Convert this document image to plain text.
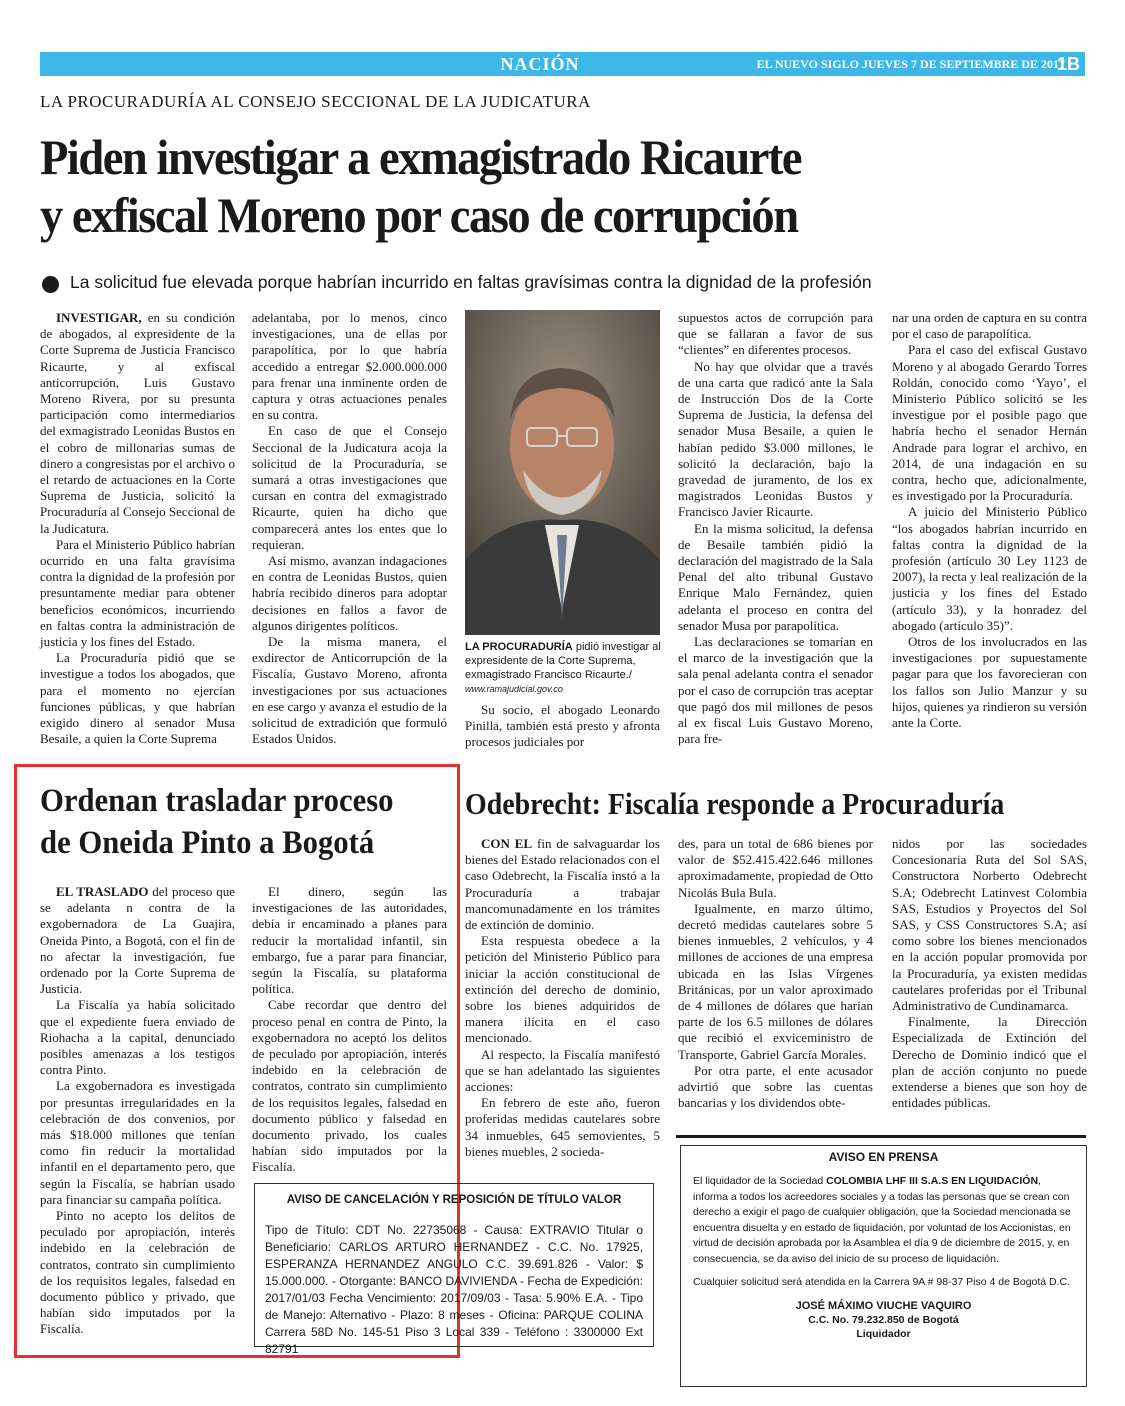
NACIÓN	EL NUEVO SIGLO JUEVES 7 DE SEPTIEMBRE DE 2017
1B
LA PROCURADURÍA AL CONSEJO SECCIONAL DE LA JUDICATURA
Piden investigar a exmagistrado Ricaurte
y exfiscal Moreno por caso de corrupción
La solicitud fue elevada porque habrían incurrido en faltas gravísimas contra la dignidad de la profesión

INVESTIGAR, en su condición de abogados, al expresidente de la Corte Suprema de Justicia Francisco Ricaurte, y al exfiscal anticorrupción, Luis Gustavo Moreno Rivera, por su presunta participación como intermediarios del exmagistrado Leonidas Bustos en el cobro de millonarias sumas de dinero a congresistas por el archivo o el retardo de actuaciones en la Corte Suprema de Justicia, solicitó la Procuraduría al Consejo Seccional de la Judicatura.

Para el Ministerio Público habrían ocurrido en una falta gravísima contra la dignidad de la profesión por presuntamente mediar para obtener beneficios económicos, incurriendo en faltas contra la administración de justicia y los fines del Estado.

La Procuraduría pidió que se investigue a todos los abogados, que para el momento no ejercían funciones públicas, y que habrían exigido dinero al senador Musa Besaile, a quien la Corte Suprema

adelantaba, por lo menos, cinco investigaciones, una de ellas por parapolítica, por lo que habría accedido a entregar $2.000.000.000 para frenar una inminente orden de captura y otras actuaciones penales en su contra.

En caso de que el Consejo Seccional de la Judicatura acoja la solicitud de la Procuraduría, se sumará a otras investigaciones que cursan en contra del exmagistrado Ricaurte, quien ha dicho que comparecerá antes los entes que lo requieran.

Así mismo, avanzan indagaciones en contra de Leonidas Bustos, quien habría recibido dineros para adoptar decisiones en fallos a favor de algunos dirigentes políticos.

De la misma manera, el exdirector de Anticorrupción de la Fiscalía, Gustavo Moreno, afronta investigaciones por sus actuaciones en ese cargo y avanza el estudio de la solicitud de extradición que formuló Estados Unidos.

LA PROCURADURÍA pidió investigar al expresidente de la Corte Suprema, exmagistrado Francisco Ricaurte./
www.ramajudicial.gov.co

Su socio, el abogado Leonardo Pinilla, también está presto y afronta procesos judiciales por

supuestos actos de corrupción para que se fallaran a favor de sus “clientes” en diferentes procesos.

No hay que olvidar que a través de una carta que radicó ante la Sala de Instrucción Dos de la Corte Suprema de Justicia, la defensa del senador Musa Besaile, a quien le habían pedido $3.000 millones, le solicitó la declaración, bajo la gravedad de juramento, de los ex magistrados Leonidas Bustos y Francisco Javier Ricaurte.

En la misma solicitud, la defensa de Besaile también pidió la declaración del magistrado de la Sala Penal del alto tribunal Gustavo Enrique Malo Fernández, quien adelanta el proceso en contra del senador Musa por parapolítica.

Las declaraciones se tomarían en el marco de la investigación que la sala penal adelanta contra el senador por el caso de corrupción tras aceptar que pagó dos mil millones de pesos al ex fiscal Luis Gustavo Moreno, para fre-

nar una orden de captura en su contra por el caso de parapolítica.

Para el caso del exfiscal Gustavo Moreno y al abogado Gerardo Torres Roldán, conocido como ‘Yayo’, el Ministerio Público solicitó se les investigue por el posible pago que habría hecho el senador Hernán Andrade para lograr el archivo, en 2014, de una indagación en su contra, hecho que, adicionalmente, es investigado por la Procuraduría.

A juicio del Ministerio Público “los abogados habrían incurrido en faltas contra la dignidad de la profesión (artículo 30 Ley 1123 de 2007), la recta y leal realización de la justicia y los fines del Estado (artículo 33), y la honradez del abogado (artículo 35)”.

Otros de los involucrados en las investigaciones por supuestamente pagar para que los favorecieran con los fallos son Julio Manzur y su hijos, quienes ya rindieron su versión ante la Corte.

Ordenan trasladar proceso
de Oneida Pinto a Bogotá

EL TRASLADO del proceso que se adelanta n contra de la exgobernadora de La Guajira, Oneida Pinto, a Bogotá, con el fin de no afectar la investigación, fue ordenado por la Corte Suprema de Justicia.

La Fiscalía ya había solicitado que el expediente fuera enviado de Riohacha a la capital, denunciado posibles amenazas a los testigos contra Pinto.

La exgobernadora es investigada por presuntas irregularidades en la celebración de dos convenios, por más $18.000 millones que tenían como fin reducir la mortalidad infantil en el departamento pero, que según la Fiscalía, se habrían usado para financiar su campaña política.

Pinto no acepto los delitos de peculado por apropiación, interés indebido en la celebración de contratos, contrato sin cumplimiento de los requisitos legales, falsedad en documento público y privado, que habían sido imputados por la Fiscalía.

El dinero, según las investigaciones de las autoridades, debía ir encaminado a planes para reducir la mortalidad infantil, sin embargo, fue a parar para financiar, según la Fiscalía, su plataforma política.

Cabe recordar que dentro del proceso penal en contra de Pinto, la exgobernadora no aceptó los delitos de peculado por apropiación, interés indebido en la celebración de contratos, contrato sin cumplimiento de los requisitos legales, falsedad en documento público y falsedad en documento privado, los cuales habían sido imputados por la Fiscalía.

Odebrecht: Fiscalía responde a Procuraduría

CON EL fin de salvaguardar los bienes del Estado relacionados con el caso Odebrecht, la Fiscalía instó a la Procuraduría a trabajar mancomunadamente en los trámites de extinción de dominio.

Esta respuesta obedece a la petición del Ministerio Público para iniciar la acción constitucional de extinción del derecho de dominio, sobre los bienes adquiridos de manera ilícita en el caso mencionado.

Al respecto, la Fiscalía manifestó que se han adelantado las siguientes acciones:

En febrero de este año, fueron proferidas medidas cautelares sobre 34 inmuebles, 645 semovientes, 5 bienes muebles, 2 socieda-

des, para un total de 686 bienes por valor de $52.415.422.646 millones aproximadamente, propiedad de Otto Nicolás Bula Bula.

Igualmente, en marzo último, decretó medidas cautelares sobre 5 bienes inmuebles, 2 vehículos, y 4 millones de acciones de una empresa ubicada en las Islas Vírgenes Británicas, por un valor aproximado de 4 millones de dólares que harían parte de los 6.5 millones de dólares que recibió el exviceministro de Transporte, Gabriel García Morales.

Por otra parte, el ente acusador advirtió que sobre las cuentas bancarias y los dividendos obte-

nidos por las sociedades Concesionaria Ruta del Sol SAS, Constructora Norberto Odebrecht S.A; Odebrecht Latinvest Colombia SAS, Estudios y Proyectos del Sol SAS, y CSS Constructores S.A; así como sobre los bienes mencionados en la acción popular promovida por la Procuraduría, ya existen medidas cautelares proferidas por el Tribunal Administrativo de Cundinamarca.

Finalmente, la Dirección Especializada de Extinción del Derecho de Dominio indicó que el plan de acción conjunto no puede extenderse a bienes que son hoy de entidades públicas.

AVISO DE CANCELACIÓN Y REPOSICIÓN DE TÍTULO VALOR
Tipo de Título: CDT No. 22735068 - Causa: EXTRAVIO Titular o Beneficiario: CARLOS ARTURO HERNANDEZ - C.C. No. 17925, ESPERANZA HERNANDEZ ANGULO C.C. 39.691.826 - Valor: $ 15.000.000. - Otorgante: BANCO DAVIVIENDA - Fecha de Expedición: 2017/01/03 Fecha Vencimiento: 2017/09/03 - Tasa: 5.90% E.A. - Tipo de Manejo: Alternativo - Plazo: 8 meses - Oficina: PARQUE COLINA Carrera 58D No. 145-51 Piso 3 Local 339 - Teléfono : 3300000 Ext 82791
AVISO EN PRENSA
El liquidador de la Sociedad COLOMBIA LHF III S.A.S EN LIQUIDACIÓN, informa a todos los acreedores sociales y a todas las personas que se crean con derecho a exigir el pago de cualquier obligación, que la Sociedad mencionada se encuentra disuelta y en estado de liquidación, por voluntad de los Accionistas, en virtud de decisión aprobada por la Asamblea el día 9 de diciembre de 2015, y, en consecuencia, se da aviso del inicio de su proceso de liquidación.
Cualquier solicitud será atendida en la Carrera 9A # 98-37 Piso 4 de Bogotá D.C.
JOSÉ MÁXIMO VIUCHE VAQUIRO
C.C. No. 79.232.850 de Bogotá
Liquidador
